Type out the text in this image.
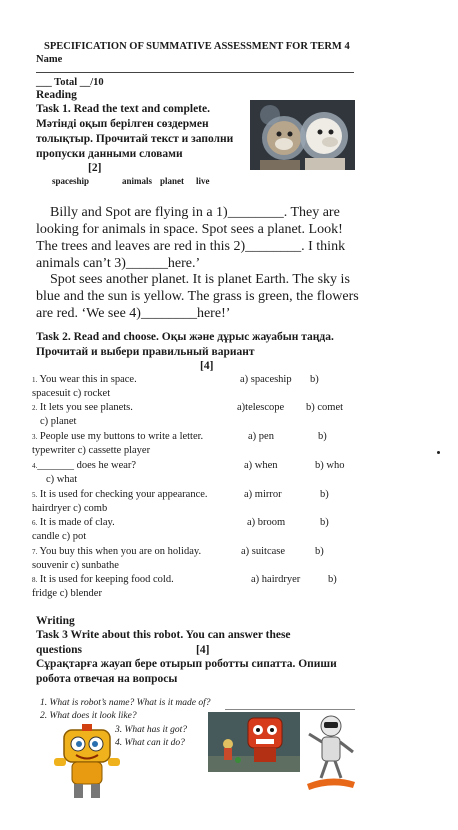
SPECIFICATION OF SUMMATIVE ASSESSMENT FOR TERM 4
Name
___ Total __/10
Reading
Task 1. Read the text and complete.
Мәтінді оқып берілген сөздермен
толықтыр. Прочитай текст и заполни
пропуски данными словами
[2]
spaceship	animals planet live
Billy and Spot are flying in a 1)________. They are
looking for animals in space. Spot sees a planet. Look!
The trees and leaves are red in this 2)________. I think
animals can’t 3)______here.’
Spot sees another planet. It is planet Earth. The sky is
blue and the sun is yellow. The grass is green, the flowers
are red. ‘We see 4)________here!’
Task 2. Read and choose. Оқы және дұрыс жауабын таңда.
Прочитай и выбери правильный вариант
[4]
1. You wear this in space.	a) spaceship b)
spacesuit c) rocket
2. It lets you see planets.	a)telescope b) comet
c) planet
3. People use my buttons to write a letter.	a) pen	b)
typewriter c) cassette player
4._______ does he wear?	a) when	b) who
c) what
5. It is used for checking your appearance.	a) mirror	b)
hairdryer c) comb
6. It is made of clay.	a) broom	b)
candle c) pot
7. You buy this when you are on holiday.	a) suitcase	b)
souvenir c) sunbathe
8. It is used for keeping food cold.	a) hairdryer	b)
fridge c) blender
Writing
Task 3 Write about this robot. You can answer these
questions	[4]
Сұрақтарға жауап бере отырып роботты сипатта. Опиши
робота отвечая на вопросы
1. What is robot’s name? What is it made of?
2. What does it look like?
3. What has it got?
4. What can it do?
